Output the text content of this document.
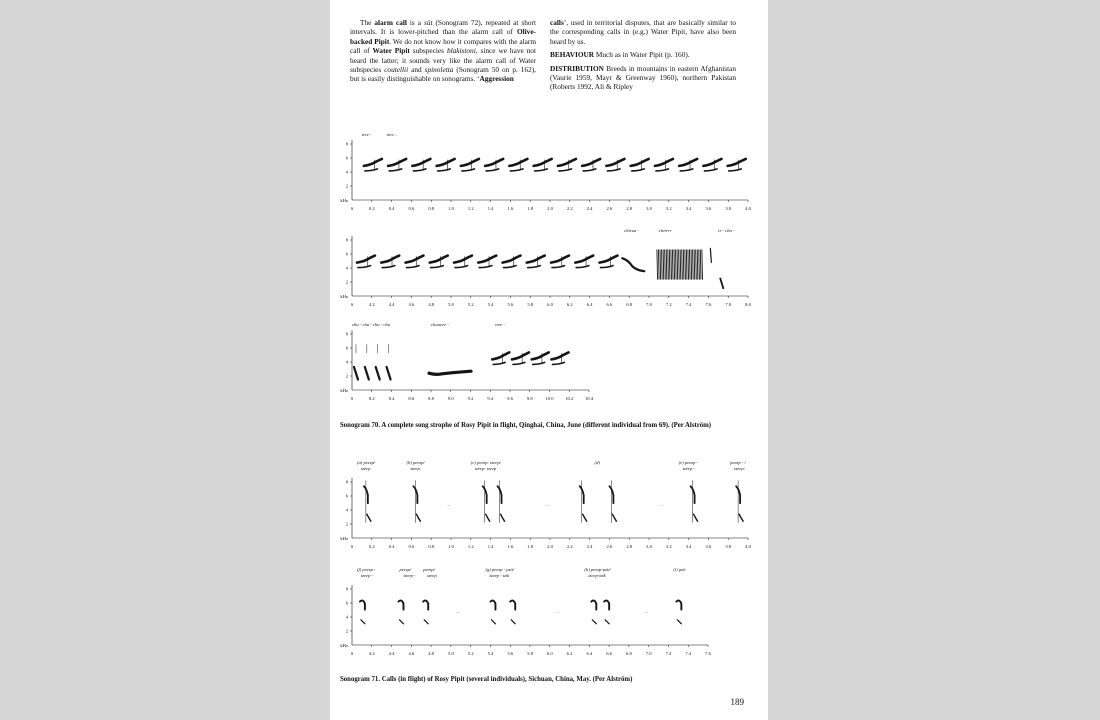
The alarm call is a süt (Sonogram 72), repeated at short intervals. It is lower-pitched than the alarm call of Olive-backed Pipit. We do not know how it compares with the alarm call of Water Pipit subspecies blakistoni, since we have not heard the latter; it sounds very like the alarm call of Water subspecies coutellii and spinoletta (Sonogram 50 on p. 162), but is easily distinguishable on sonograms. ‘Aggression

calls’, used in territorial disputes, that are basically similar to the corresponding calls in (e.g.) Water Pipit, have also been heard by us.

BEHAVIOUR Much as in Water Pipit (p. 160).

DISTRIBUTION Breeds in mountains in eastern Afghanistan (Vaurie 1959, Mayr & Greenway 1960), northern Pakistan (Roberts 1992, Ali & Ripley

8
6
4
2
kHz
S	0.2	0.4	0.6	0.8	1.0	1.2	1.4	1.6	1.8	2.0	2.2	2.4	2.6	2.8	3.0	3.2	3.4	3.6	3.8	4.0
tree -	tree...
8
6
4
2
kHz
S	4.2	4.4	4.6	4.8	5.0	5.2	5.4	5.6	5.8	6.0	6.2	6.4	6.6	6.8	7.0	7.2	7.4	7.6	7.8	8.0
chiruu -	chirrrr	tr - chu -
8
6
4
2
kHz
S	8.2	8.4	8.6	8.8	9.0	9.2	9.4	9.6	9.8	10.0	10.2	10.4
chu - chu - chu - chu	chuueee -	tree -
Sonogram 70. A complete song strophe of Rosy Pipit in flight, Qinghai, China, June (different individual from 69). (Per Alström)
8
6
4
2
kHz
S	0.2	0.4	0.6	0.8	1.0	1.2	1.4	1.6	1.8	2.0	2.2	2.4	2.6	2.8	3.0	3.2	3.4	3.6	3.8	4.0
(a) peezp/
tzeep
(b) peezp/
tzeep
(c) peezp- tzeep/
tzeep- tzeep
(d)	(e) peezp -
tzeep -
peezp - /
tzeep-
…	…	…
8
6
4
2
kHz
S	4.2	4.4	4.6	4.8	5.0	5.2	5.4	5.6	5.8	6.0	6.2	6.4	6.6	6.8	7.0	7.2	7.4	7.6
(f) peezp -
tzeep -
peezp/
tzeep -
peezp/
tzeep
(g) peezp - pzii/
tzeep - tzik
(h) peezp-pzii/
tzeep-tzik
(i) pzii
…	…	…
Sonogram 71. Calls (in flight) of Rosy Pipit (several individuals), Sichuan, China, May. (Per Alström)
189
